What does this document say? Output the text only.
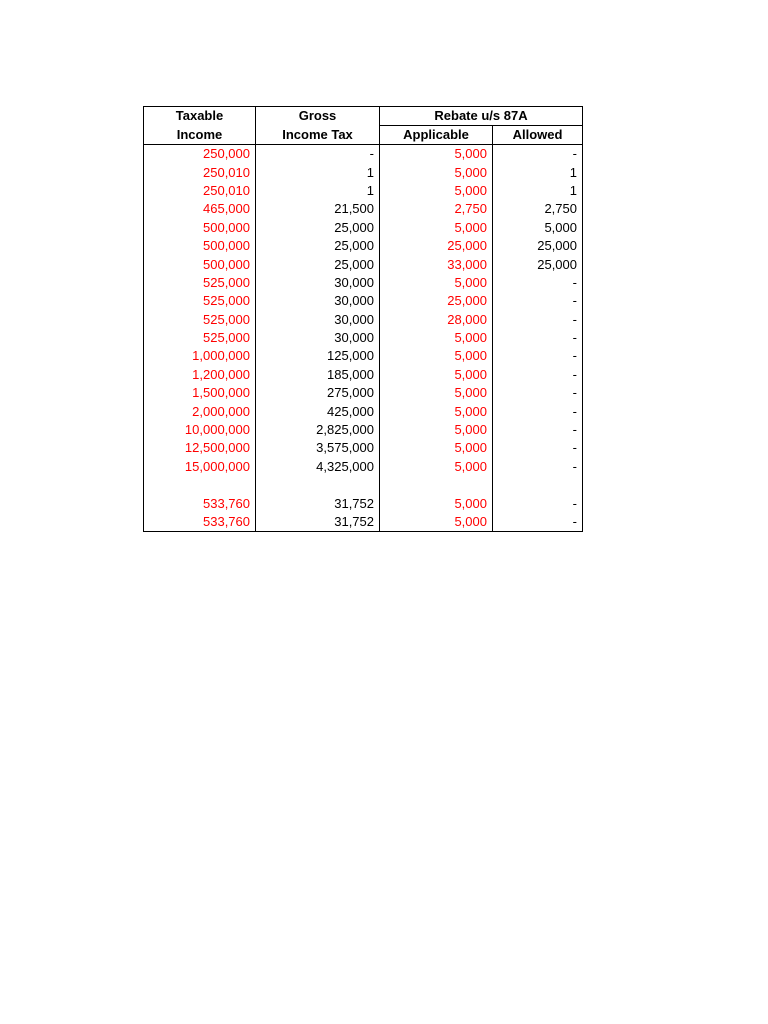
Taxable	Gross	Rebate u/s 87A	
Income	Income Tax	Applicable	Allowed
250,000	-	5,000	-
250,010	1	5,000	1
250,010	1	5,000	1
465,000	21,500	2,750	2,750
500,000	25,000	5,000	5,000
500,000	25,000	25,000	25,000
500,000	25,000	33,000	25,000
525,000	30,000	5,000	-
525,000	30,000	25,000	-
525,000	30,000	28,000	-
525,000	30,000	5,000	-
1,000,000	125,000	5,000	-
1,200,000	185,000	5,000	-
1,500,000	275,000	5,000	-
2,000,000	425,000	5,000	-
10,000,000	2,825,000	5,000	-
12,500,000	3,575,000	5,000	-
15,000,000	4,325,000	5,000	-

533,760	31,752	5,000	-
533,760	31,752	5,000	-
